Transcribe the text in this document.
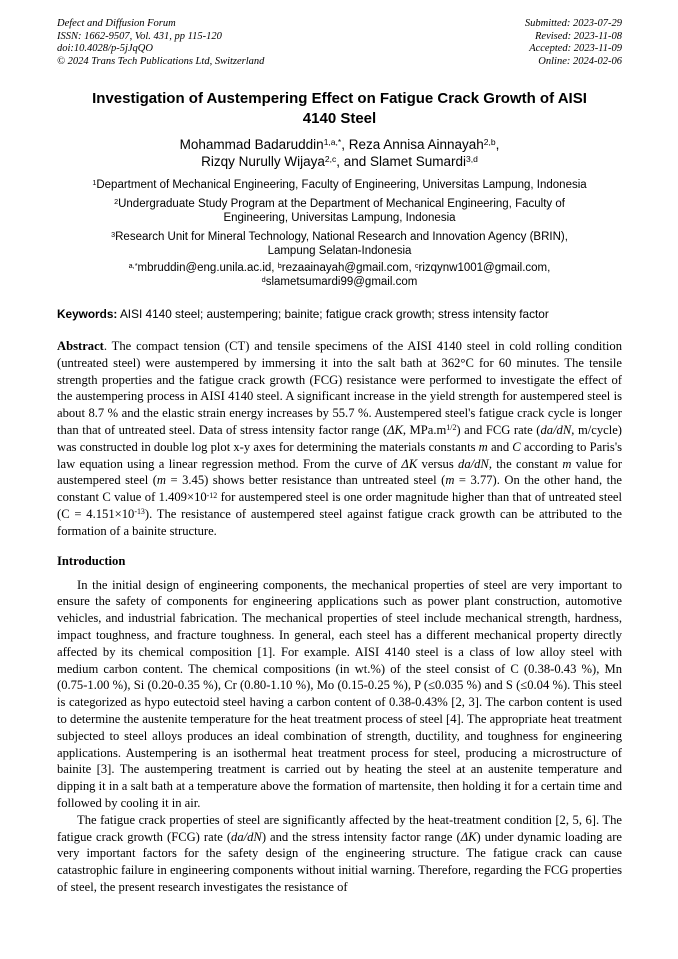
Defect and Diffusion Forum
ISSN: 1662-9507, Vol. 431, pp 115-120
doi:10.4028/p-5jJqQO
© 2024 Trans Tech Publications Ltd, Switzerland
Submitted: 2023-07-29
Revised: 2023-11-08
Accepted: 2023-11-09
Online: 2024-02-06
Investigation of Austempering Effect on Fatigue Crack Growth of AISI
4140 Steel
Mohammad Badaruddin$^{1,a,*}$, Reza Annisa Ainnayah$^{2,b}$,
Rizqy Nurully Wijaya$^{2,c}$, and Slamet Sumardi$^{3,d}$

$^1$Department of Mechanical Engineering, Faculty of Engineering, Universitas Lampung, Indonesia

$^2$Undergraduate Study Program at the Department of Mechanical Engineering, Faculty of
Engineering, Universitas Lampung, Indonesia

$^3$Research Unit for Mineral Technology, National Research and Innovation Agency (BRIN),
Lampung Selatan-Indonesia

$^{a,*}$mbruddin@eng.unila.ac.id, $^b$rezaainayah@gmail.com, $^c$rizqynw1001@gmail.com,
$^d$slametsumardi99@gmail.com

Keywords: AISI 4140 steel; austempering; bainite; fatigue crack growth; stress intensity factor

Abstract. The compact tension (CT) and tensile specimens of the AISI 4140 steel in cold rolling condition (untreated steel) were austempered by immersing it into the salt bath at 362°C for 60 minutes. The tensile strength properties and the fatigue crack growth (FCG) resistance were performed to investigate the effect of the austempering process in AISI 4140 steel. A significant increase in the yield strength for austempered steel is about 8.7 % and the elastic strain energy increases by 55.7 %. Austempered steel's fatigue crack cycle is longer than that of untreated steel. Data of stress intensity factor range (ΔK, $MPa.m^{1/2}$) and FCG rate (da/dN, m/cycle) was constructed in double log plot x-y axes for determining the materials constants m and C according to Paris's law equation using a linear regression method. From the curve of ΔK versus da/dN, the constant m value for austempered steel (m = 3.45) shows better resistance than untreated steel (m = 3.77). On the other hand, the constant C value of $1.409\times 10^{-12}$ for austempered steel is one order magnitude higher than that of untreated steel $(C = 4.151\times 10^{-13})$. The resistance of austempered steel against fatigue crack growth can be attributed to the formation of a bainite structure.

Introduction

In the initial design of engineering components, the mechanical properties of steel are very important to ensure the safety of components for engineering applications such as power plant construction, automotive vehicles, and industrial fabrication. The mechanical properties of steel include mechanical strength, hardness, impact toughness, and fracture toughness. In general, each steel has a different mechanical property directly affected by its chemical composition [1]. For example. AISI 4140 steel is a class of low alloy steel with medium carbon content. The chemical compositions (in wt.%) of the steel consist of C (0.38-0.43 %), Mn (0.75-1.00 %), Si (0.20-0.35 %), Cr (0.80-1.10 %), Mo (0.15-0.25 %), P (≤0.035 %) and S (≤0.04 %). This steel is categorized as hypo eutectoid steel having a carbon content of 0.38-0.43% [2, 3]. The carbon content is used to determine the austenite temperature for the heat treatment process of steel [4]. The appropriate heat treatment subjected to steel alloys produces an ideal combination of strength, ductility, and toughness for engineering applications. Austempering is an isothermal heat treatment process for steel, producing a microstructure of bainite [3]. The austempering treatment is carried out by heating the steel at an austenite temperature and dipping it in a salt bath at a temperature above the formation of martensite, then holding it for a certain time and followed by cooling it in air.

The fatigue crack properties of steel are significantly affected by the heat-treatment condition [2, 5, 6]. The fatigue crack growth (FCG) rate (da/dN) and the stress intensity factor range (ΔK) under dynamic loading are very important factors for the safety design of the engineering structure. The fatigue crack can cause catastrophic failure in engineering components without initial warning. Therefore, regarding the FCG properties of steel, the present research investigates the resistance of
